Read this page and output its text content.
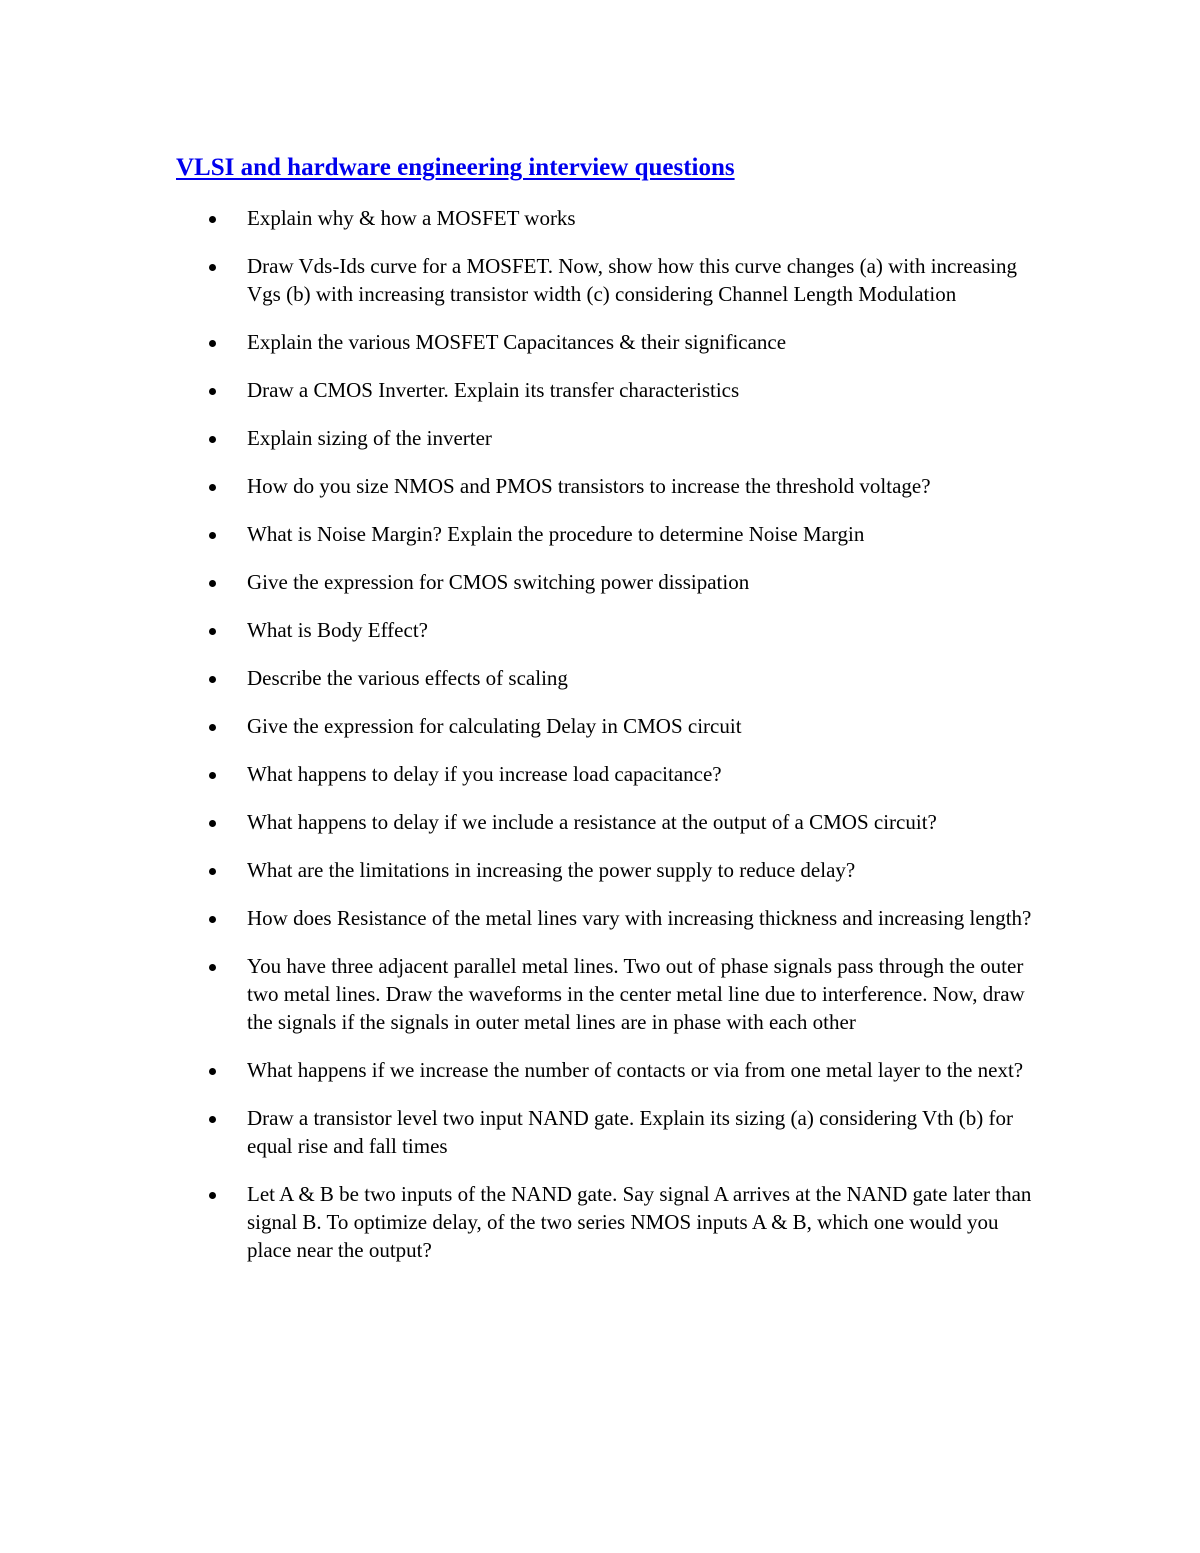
VLSI and hardware engineering interview questions
Explain why & how a MOSFET works
Draw Vds-Ids curve for a MOSFET. Now, show how this curve changes (a) with increasing Vgs (b) with increasing transistor width (c) considering Channel Length Modulation
Explain the various MOSFET Capacitances & their significance
Draw a CMOS Inverter. Explain its transfer characteristics
Explain sizing of the inverter
How do you size NMOS and PMOS transistors to increase the threshold voltage?
What is Noise Margin? Explain the procedure to determine Noise Margin
Give the expression for CMOS switching power dissipation
What is Body Effect?
Describe the various effects of scaling
Give the expression for calculating Delay in CMOS circuit
What happens to delay if you increase load capacitance?
What happens to delay if we include a resistance at the output of a CMOS circuit?
What are the limitations in increasing the power supply to reduce delay?
How does Resistance of the metal lines vary with increasing thickness and increasing length?
You have three adjacent parallel metal lines. Two out of phase signals pass through the outer two metal lines. Draw the waveforms in the center metal line due to interference. Now, draw the signals if the signals in outer metal lines are in phase with each other
What happens if we increase the number of contacts or via from one metal layer to the next?
Draw a transistor level two input NAND gate. Explain its sizing (a) considering Vth (b) for equal rise and fall times
Let A & B be two inputs of the NAND gate. Say signal A arrives at the NAND gate later than signal B. To optimize delay, of the two series NMOS inputs A & B, which one would you place near the output?
